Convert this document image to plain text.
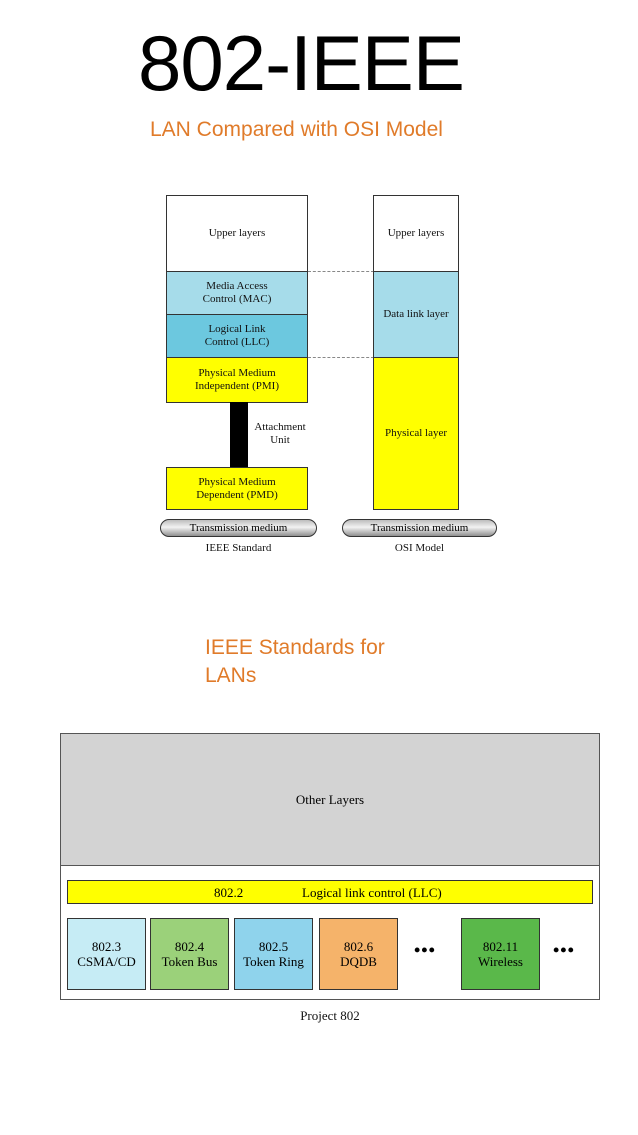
802-IEEE
LAN Compared with OSI Model
Upper layers
Media Access Control (MAC)
Logical Link Control (LLC)
Physical Medium Independent (PMI)
Attachment Unit
Physical Medium Dependent (PMD)
Transmission medium
IEEE Standard
Upper layers
Data link layer
Physical layer
Transmission medium
OSI Model
IEEE Standards for LANs
Other Layers
802.2	Logical link control (LLC)
802.3
CSMA/CD
802.4
Token Bus
802.5
Token Ring
802.6
DQDB
•••	802.11
Wireless
•••
Project 802
